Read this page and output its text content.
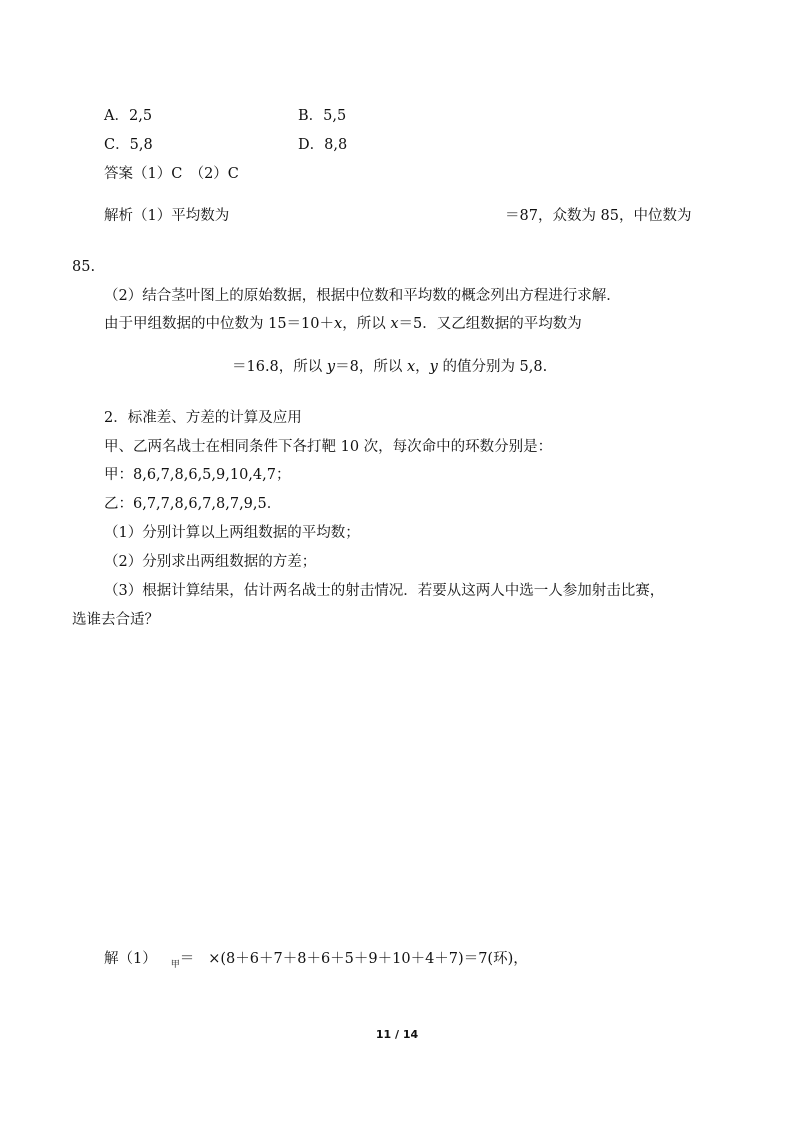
A．2,5	B．5,5
C．5,8	D．8,8
答案（1）C　（2）C
解析（1）平均数为	＝87，众数为 85，中位数为
85.
（2）结合茎叶图上的原始数据，根据中位数和平均数的概念列出方程进行求解．
由于甲组数据的中位数为 15＝10＋x，所以 x＝5．又乙组数据的平均数为
＝16.8，所以 y＝8，所以 x，y 的值分别为 5,8.
2．标准差、方差的计算及应用
甲、乙两名战士在相同条件下各打靶 10 次，每次命中的环数分别是：
甲：8,6,7,8,6,5,9,10,4,7；
乙：6,7,7,8,6,7,8,7,9,5．
（1）分别计算以上两组数据的平均数；
（2）分别求出两组数据的方差；
（3）根据计算结果，估计两名战士的射击情况．若要从这两人中选一人参加射击比赛，
选谁去合适？
解（1） $_甲$＝ ×(8＋6＋7＋8＋6＋5＋9＋10＋4＋7)＝7(环)，
11 / 14
